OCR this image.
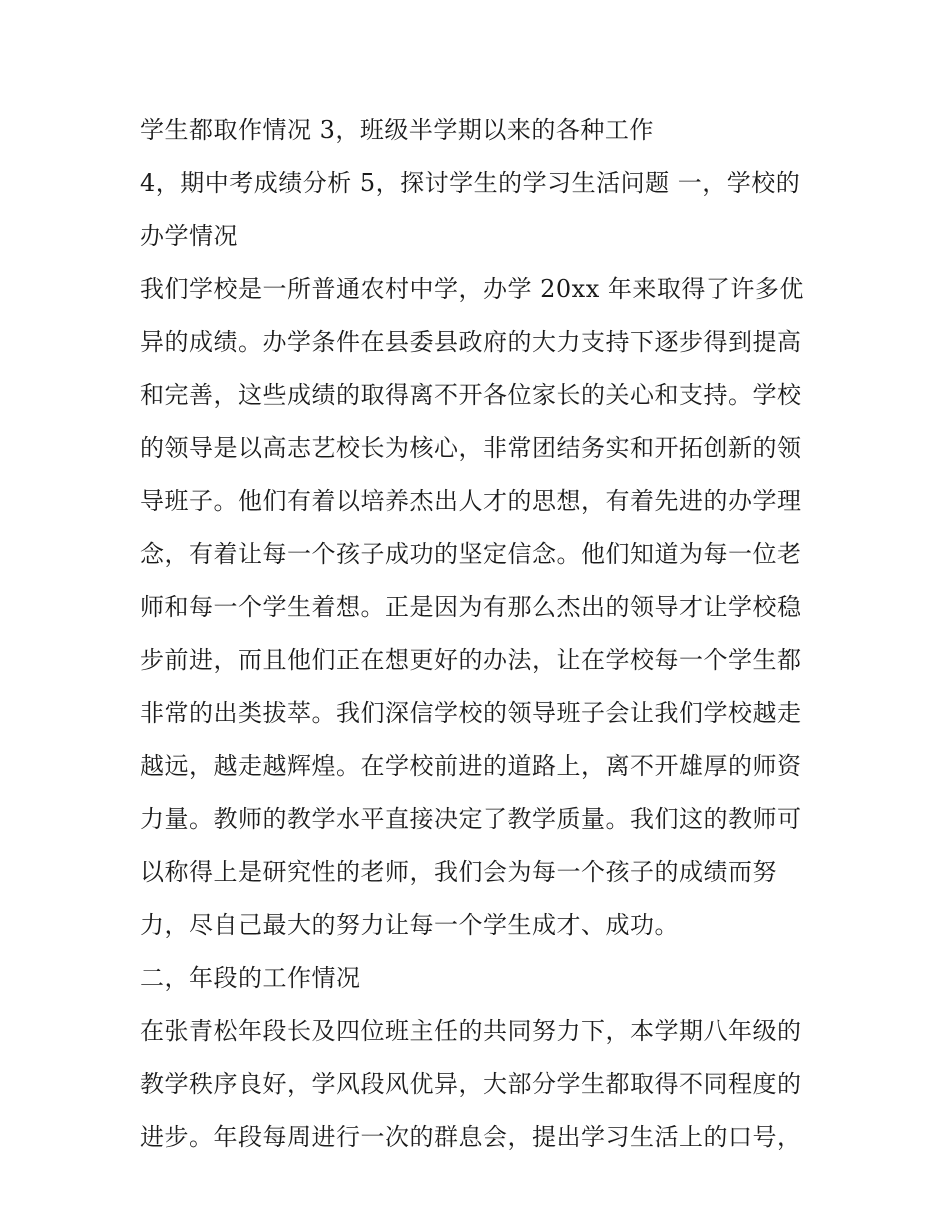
学生都取作情况 3，班级半学期以来的各种工作
4，期中考成绩分析 5，探讨学生的学习生活问题 一，学校的
办学情况
我们学校是一所普通农村中学，办学 20xx 年来取得了许多优
异的成绩。办学条件在县委县政府的大力支持下逐步得到提高
和完善，这些成绩的取得离不开各位家长的关心和支持。学校
的领导是以高志艺校长为核心，非常团结务实和开拓创新的领
导班子。他们有着以培养杰出人才的思想，有着先进的办学理
念，有着让每一个孩子成功的坚定信念。他们知道为每一位老
师和每一个学生着想。正是因为有那么杰出的领导才让学校稳
步前进，而且他们正在想更好的办法，让在学校每一个学生都
非常的出类拔萃。我们深信学校的领导班子会让我们学校越走
越远，越走越辉煌。在学校前进的道路上，离不开雄厚的师资
力量。教师的教学水平直接决定了教学质量。我们这的教师可
以称得上是研究性的老师，我们会为每一个孩子的成绩而努
力，尽自己最大的努力让每一个学生成才、成功。
二，年段的工作情况
在张青松年段长及四位班主任的共同努力下，本学期八年级的
教学秩序良好，学风段风优异，大部分学生都取得不同程度的
进步。年段每周进行一次的群息会，提出学习生活上的口号，
